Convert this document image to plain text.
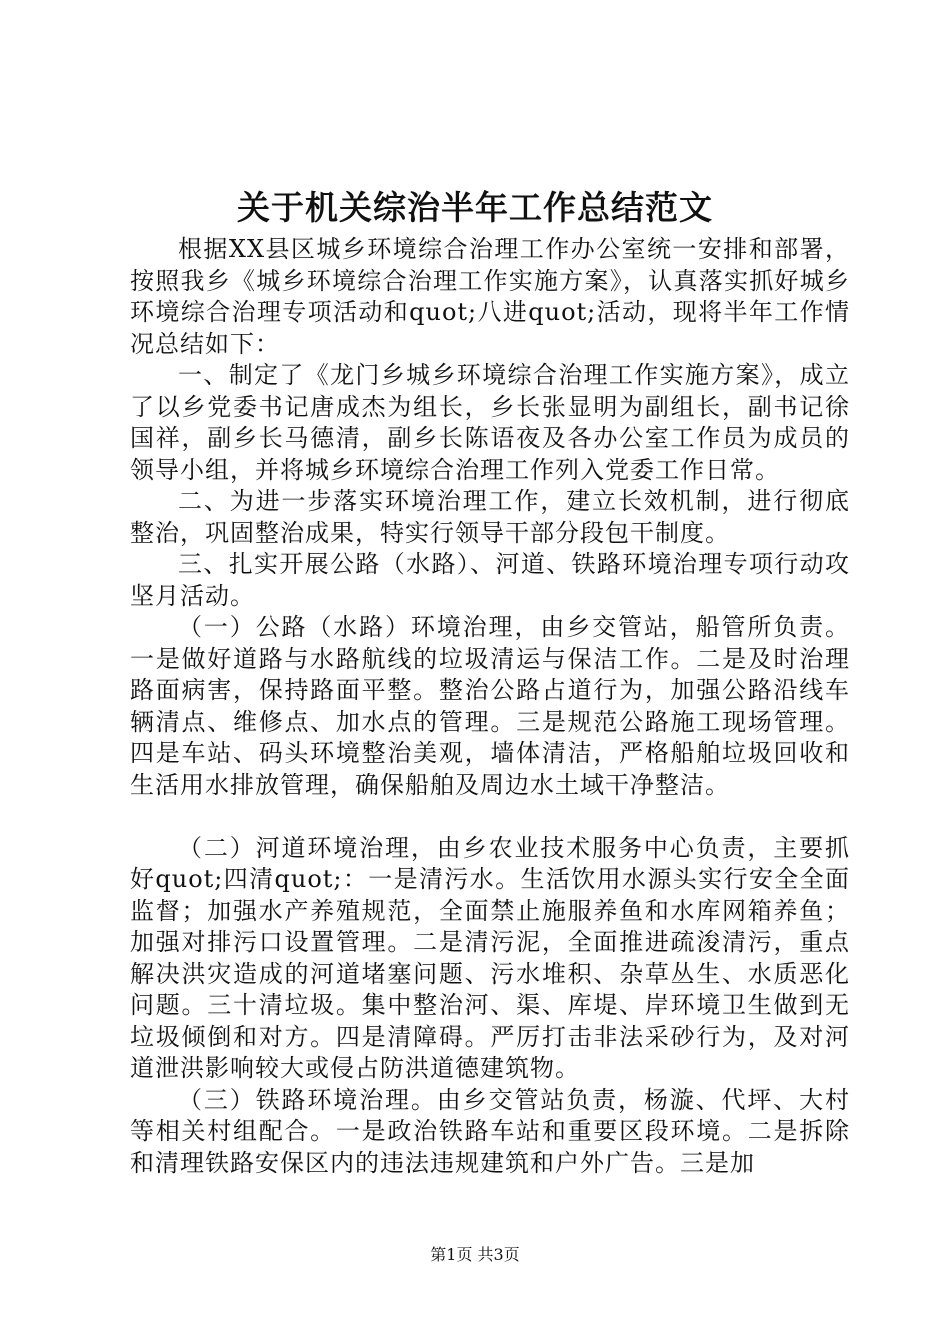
关于机关综治半年工作总结范文

根据XX县区城乡环境综合治理工作办公室统一安排和部署，按照我乡《城乡环境综合治理工作实施方案》，认真落实抓好城乡环境综合治理专项活动和quot;八进quot;活动，现将半年工作情况总结如下：

一、制定了《龙门乡城乡环境综合治理工作实施方案》，成立了以乡党委书记唐成杰为组长，乡长张显明为副组长，副书记徐国祥，副乡长马德清，副乡长陈语夜及各办公室工作员为成员的领导小组，并将城乡环境综合治理工作列入党委工作日常。

二、为进一步落实环境治理工作，建立长效机制，进行彻底整治，巩固整治成果，特实行领导干部分段包干制度。

三、扎实开展公路（水路）、河道、铁路环境治理专项行动攻坚月活动。

（一）公路（水路）环境治理，由乡交管站，船管所负责。一是做好道路与水路航线的垃圾清运与保洁工作。二是及时治理路面病害，保持路面平整。整治公路占道行为，加强公路沿线车辆清点、维修点、加水点的管理。三是规范公路施工现场管理。四是车站、码头环境整治美观，墙体清洁，严格船舶垃圾回收和生活用水排放管理，确保船舶及周边水土域干净整洁。

（二）河道环境治理，由乡农业技术服务中心负责，主要抓好quot;四清quot;：一是清污水。生活饮用水源头实行安全全面监督；加强水产养殖规范，全面禁止施服养鱼和水库网箱养鱼；加强对排污口设置管理。二是清污泥，全面推进疏浚清污，重点解决洪灾造成的河道堵塞问题、污水堆积、杂草丛生、水质恶化问题。三十清垃圾。集中整治河、渠、库堤、岸环境卫生做到无垃圾倾倒和对方。四是清障碍。严厉打击非法采砂行为，及对河道泄洪影响较大或侵占防洪道德建筑物。

（三）铁路环境治理。由乡交管站负责，杨漩、代坪、大村等相关村组配合。一是政治铁路车站和重要区段环境。二是拆除和清理铁路安保区内的违法违规建筑和户外广告。三是加

第1页 共3页
